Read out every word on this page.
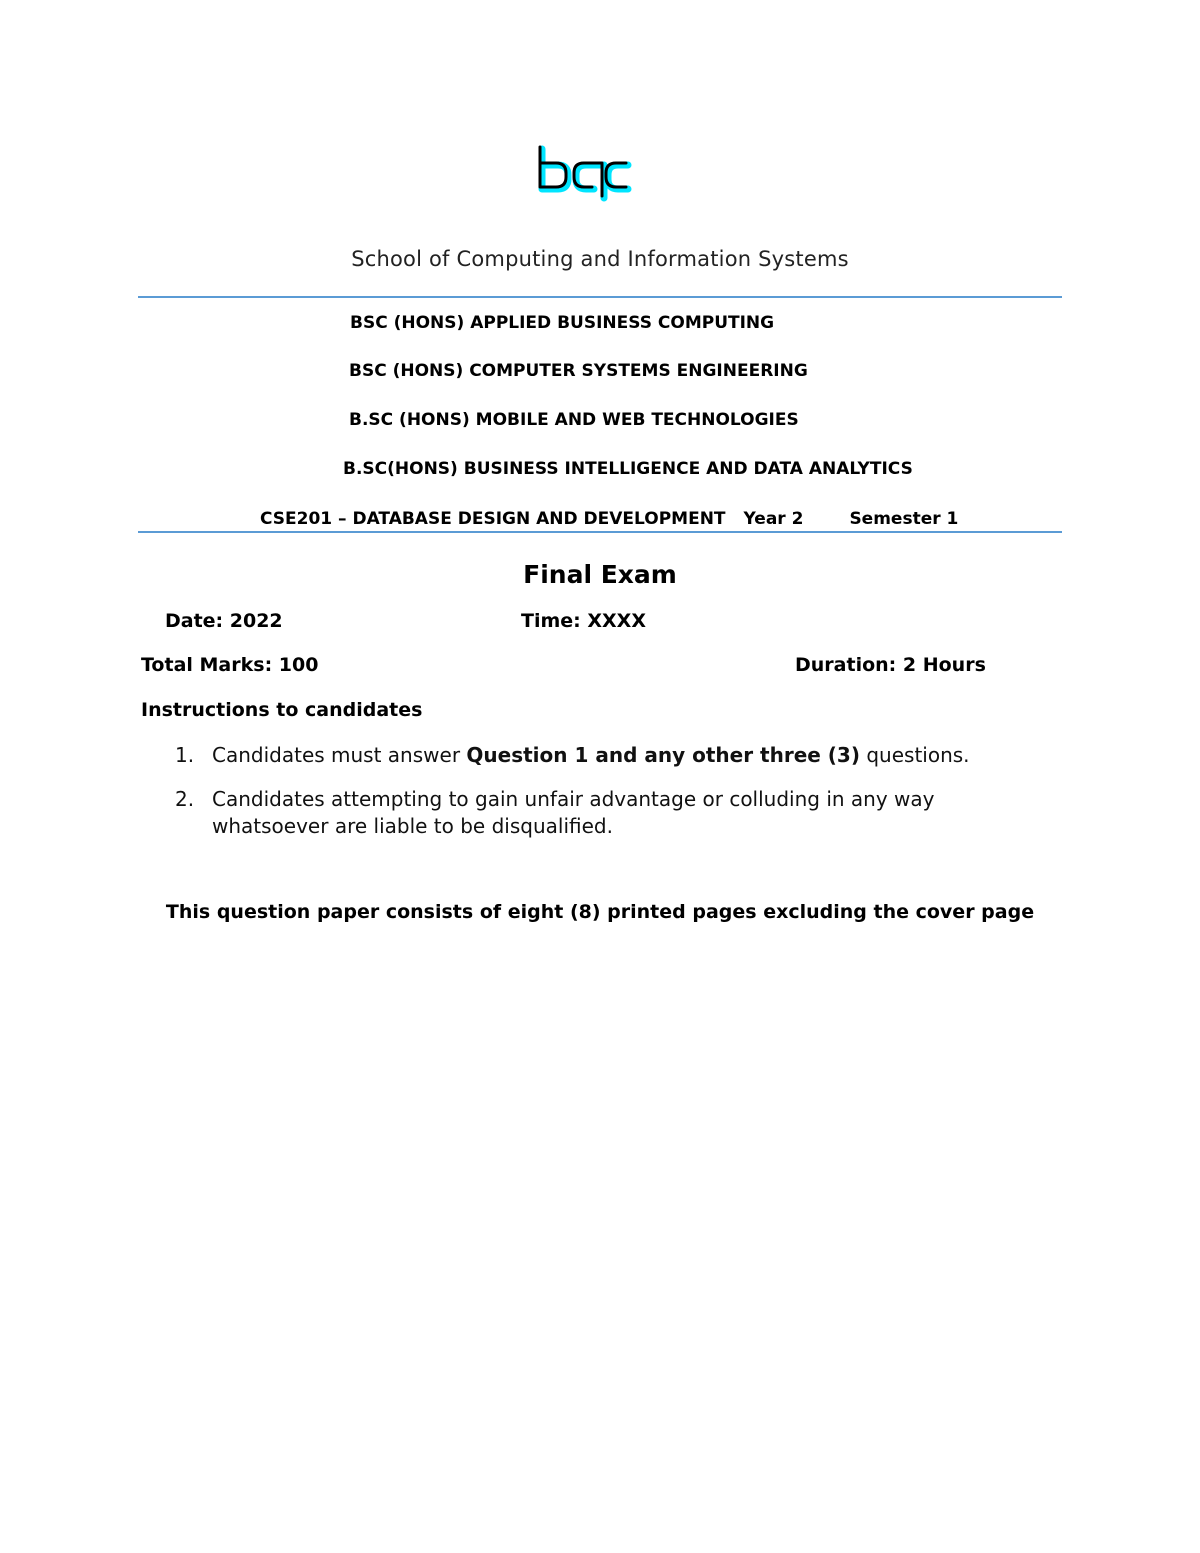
School of Computing and Information Systems
BSC (HONS) APPLIED BUSINESS COMPUTING
BSC (HONS) COMPUTER SYSTEMS ENGINEERING
B.SC (HONS) MOBILE AND WEB TECHNOLOGIES
B.SC(HONS) BUSINESS INTELLIGENCE AND DATA ANALYTICS
CSE201 – DATABASE DESIGN AND DEVELOPMENT Year 2	Semester 1
Final Exam
Date: 2022	Time: XXXX
Total Marks: 100	Duration: 2 Hours
Instructions to candidates
1. Candidates must answer Question 1 and any other three (3) questions.
2. Candidates attempting to gain unfair advantage or colluding in any way
whatsoever are liable to be disqualified.
This question paper consists of eight (8) printed pages excluding the cover page
